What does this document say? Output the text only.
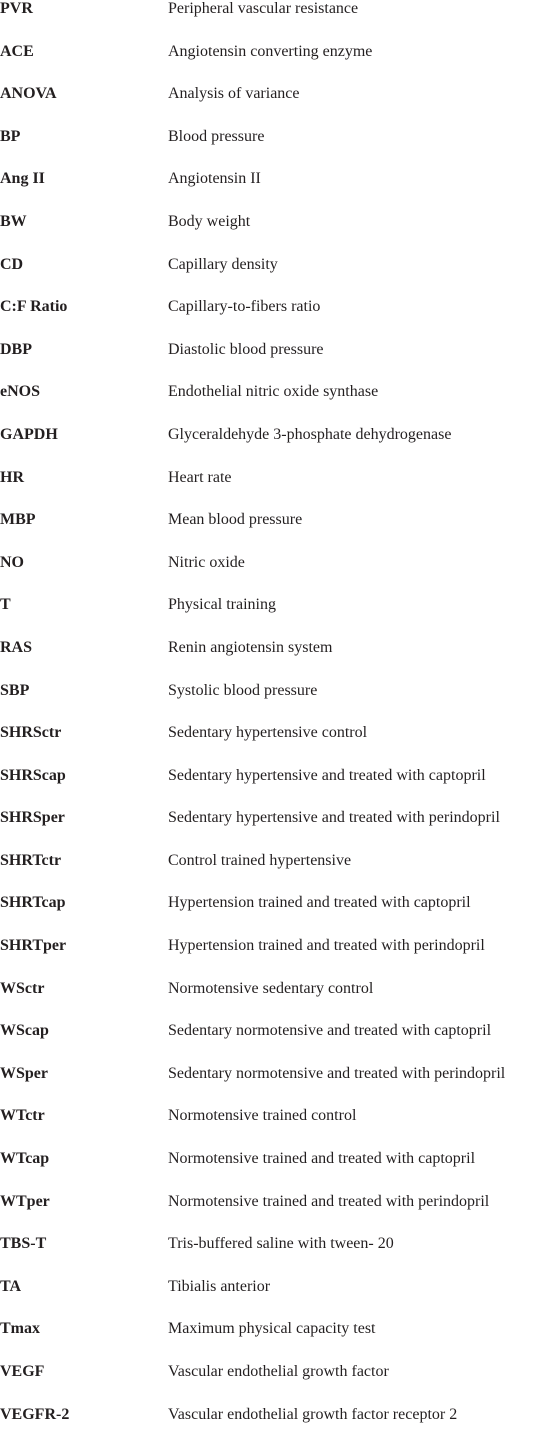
PVR	Peripheral vascular resistance
ACE	Angiotensin converting enzyme
ANOVA	Analysis of variance
BP	Blood pressure
Ang II	Angiotensin II
BW	Body weight
CD	Capillary density
C:F Ratio	Capillary-to-fibers ratio
DBP	Diastolic blood pressure
eNOS	Endothelial nitric oxide synthase
GAPDH	Glyceraldehyde 3-phosphate dehydrogenase
HR	Heart rate
MBP	Mean blood pressure
NO	Nitric oxide
T	Physical training
RAS	Renin angiotensin system
SBP	Systolic blood pressure
SHRSctr	Sedentary hypertensive control
SHRScap	Sedentary hypertensive and treated with captopril
SHRSper	Sedentary hypertensive and treated with perindopril
SHRTctr	Control trained hypertensive
SHRTcap	Hypertension trained and treated with captopril
SHRTper	Hypertension trained and treated with perindopril
WSctr	Normotensive sedentary control
WScap	Sedentary normotensive and treated with captopril
WSper	Sedentary normotensive and treated with perindopril
WTctr	Normotensive trained control
WTcap	Normotensive trained and treated with captopril
WTper	Normotensive trained and treated with perindopril
TBS-T	Tris-buffered saline with tween- 20
TA	Tibialis anterior
Tmax	Maximum physical capacity test
VEGF	Vascular endothelial growth factor
VEGFR-2	Vascular endothelial growth factor receptor 2
